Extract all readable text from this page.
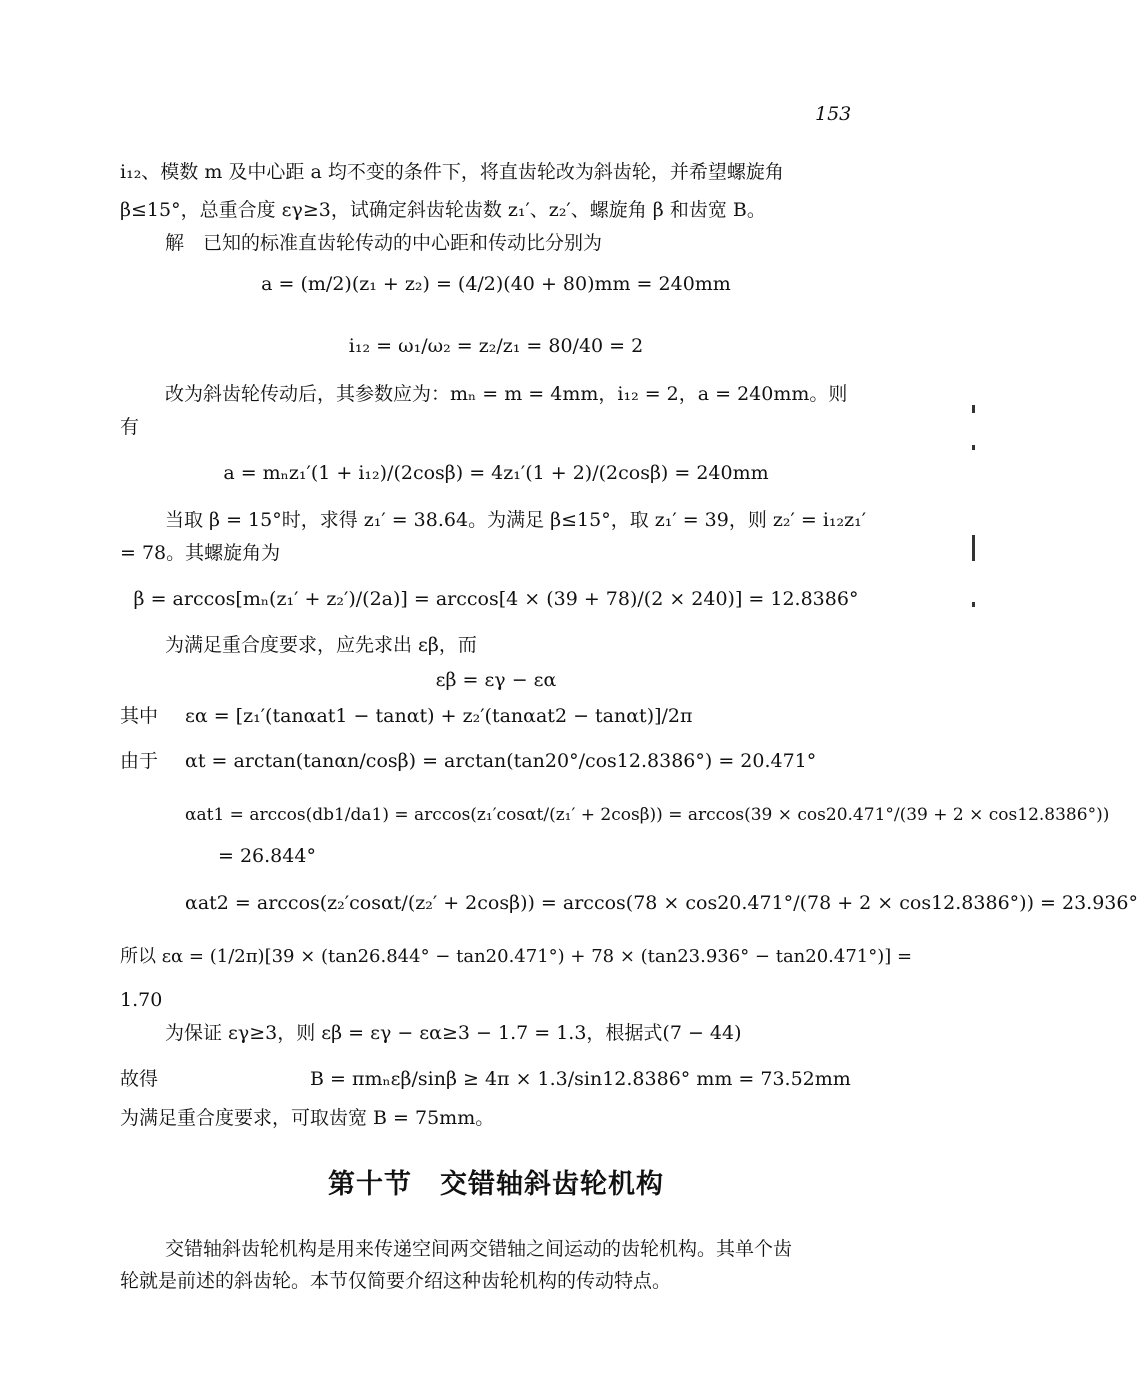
153
i₁₂、模数 m 及中心距 a 均不变的条件下，将直齿轮改为斜齿轮，并希望螺旋角
β≤15°，总重合度 εγ≥3，试确定斜齿轮齿数 z₁′、z₂′、螺旋角 β 和齿宽 B。
解　已知的标准直齿轮传动的中心距和传动比分别为
a = (m/2)(z₁ + z₂) = (4/2)(40 + 80)mm = 240mm
i₁₂ = ω₁/ω₂ = z₂/z₁ = 80/40 = 2
改为斜齿轮传动后，其参数应为：mₙ = m = 4mm，i₁₂ = 2，a = 240mm。则
有
a = mₙz₁′(1 + i₁₂)/(2cosβ) = 4z₁′(1 + 2)/(2cosβ) = 240mm
当取 β = 15°时，求得 z₁′ = 38.64。为满足 β≤15°，取 z₁′ = 39，则 z₂′ = i₁₂z₁′
= 78。其螺旋角为
β = arccos[mₙ(z₁′ + z₂′)/(2a)] = arccos[4 × (39 + 78)/(2 × 240)] = 12.8386°
为满足重合度要求，应先求出 εβ，而
εβ = εγ − εα
其中 εα = [z₁′(tanαat1 − tanαt) + z₂′(tanαat2 − tanαt)]/2π
由于 αt = arctan(tanαn/cosβ) = arctan(tan20°/cos12.8386°) = 20.471°
αat1 = arccos(db1/da1) = arccos(z₁′cosαt/(z₁′ + 2cosβ)) = arccos(39 × cos20.471°/(39 + 2 × cos12.8386°))
= 26.844°
αat2 = arccos(z₂′cosαt/(z₂′ + 2cosβ)) = arccos(78 × cos20.471°/(78 + 2 × cos12.8386°)) = 23.936°
所以 εα = (1/2π)[39 × (tan26.844° − tan20.471°) + 78 × (tan23.936° − tan20.471°)] =
1.70
为保证 εγ≥3，则 εβ = εγ − εα≥3 − 1.7 = 1.3，根据式(7 − 44)
故得	B = πmₙεβ/sinβ ≥ 4π × 1.3/sin12.8386° mm = 73.52mm
为满足重合度要求，可取齿宽 B = 75mm。
第十节　交错轴斜齿轮机构
交错轴斜齿轮机构是用来传递空间两交错轴之间运动的齿轮机构。其单个齿
轮就是前述的斜齿轮。本节仅简要介绍这种齿轮机构的传动特点。
